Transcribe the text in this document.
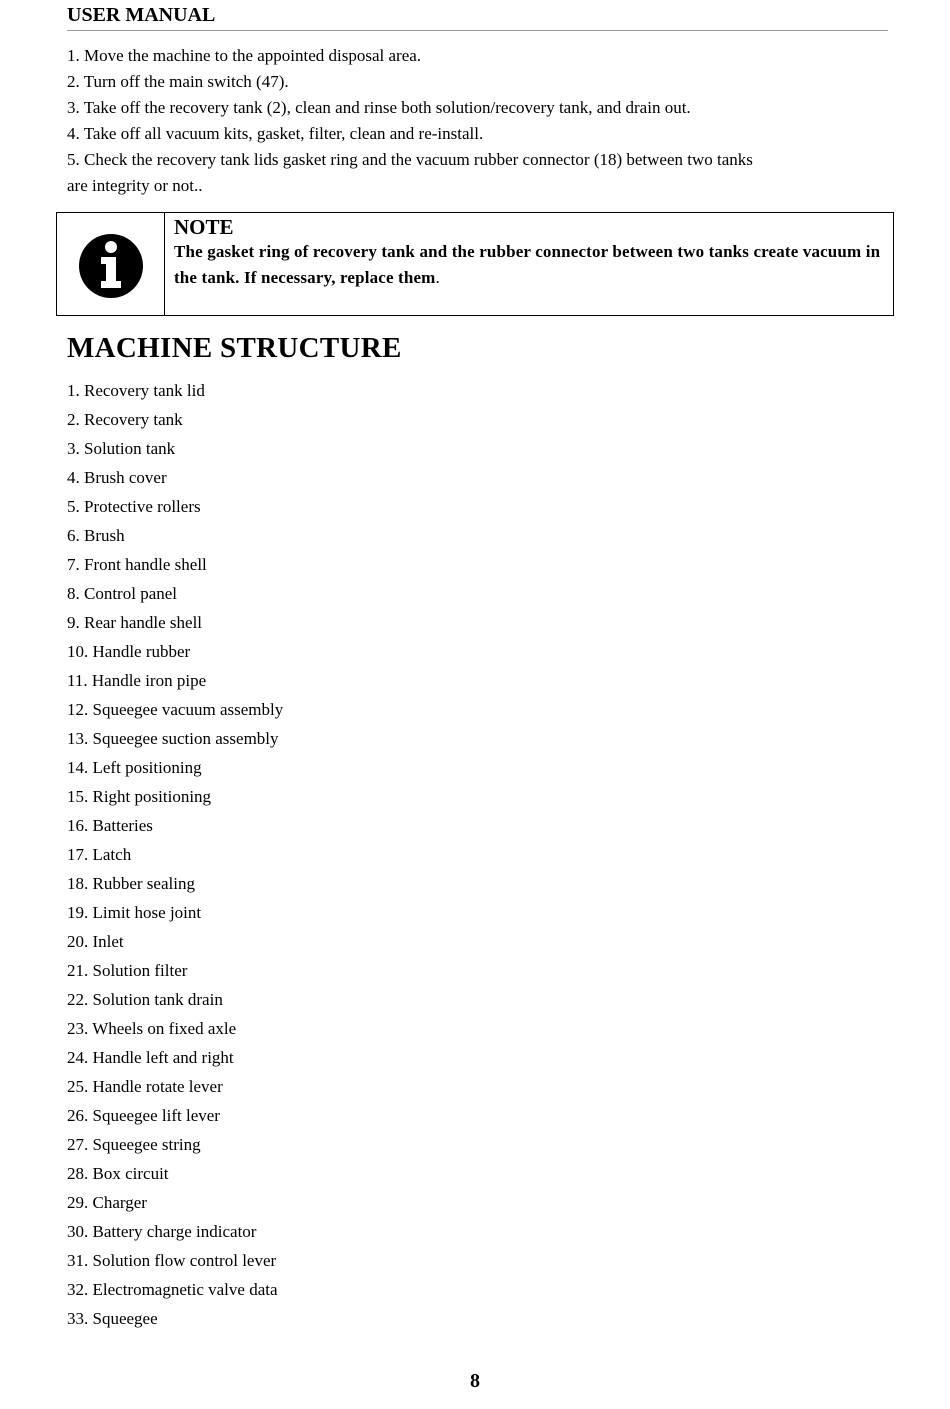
USER MANUAL
1. Move the machine to the appointed disposal area.
2. Turn off the main switch (47).
3. Take off the recovery tank (2), clean and rinse both solution/recovery tank, and drain out.
4. Take off all vacuum kits, gasket, filter, clean and re-install.
5. Check the recovery tank lids gasket ring and the vacuum rubber connector (18) between two tanks
are integrity or not..
NOTE
The gasket ring of recovery tank and the rubber connector between two tanks create vacuum in the tank. If necessary, replace them.
MACHINE STRUCTURE
1. Recovery tank lid
2. Recovery tank
3. Solution tank
4. Brush cover
5. Protective rollers
6. Brush
7. Front handle shell
8. Control panel
9. Rear handle shell
10. Handle rubber
11. Handle iron pipe
12. Squeegee vacuum assembly
13. Squeegee suction assembly
14. Left positioning
15. Right positioning
16. Batteries
17. Latch
18. Rubber sealing
19. Limit hose joint
20. Inlet
21. Solution filter
22. Solution tank drain
23. Wheels on fixed axle
24. Handle left and right
25. Handle rotate lever
26. Squeegee lift lever
27. Squeegee string
28. Box circuit
29. Charger
30. Battery charge indicator
31. Solution flow control lever
32. Electromagnetic valve data
33. Squeegee
8
